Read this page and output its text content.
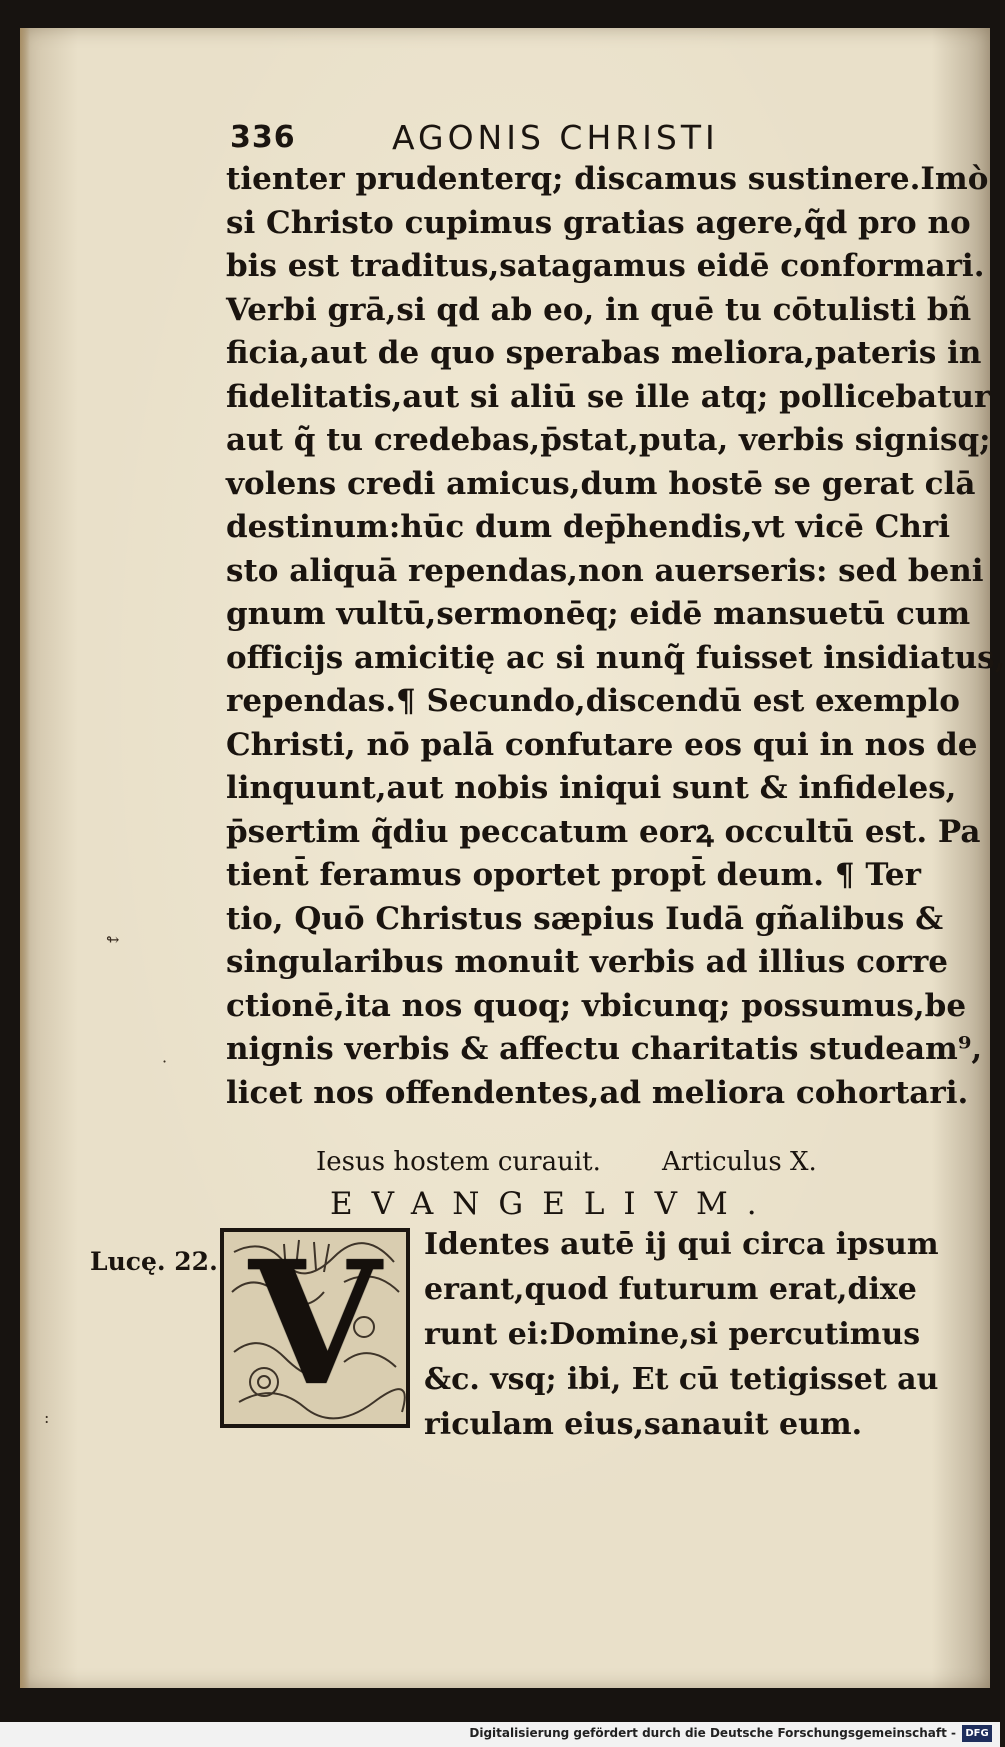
336	AGONIS CHRISTI
tienter prudenterq; discamus sustinere.Imò
si Christo cupimus gratias agere,q̃d pro no
bis est traditus,satagamus eidē conformari.
Verbi grā,si qd ab eo, in quē tu cōtulisti bñ
ficia,aut de quo sperabas meliora,pateris in
fidelitatis,aut si aliū se ille atq; pollicebatur
aut q̃ tu credebas,p̄stat,puta, verbis signisq;
volens credi amicus,dum hostē se gerat clā
destinum:hūc dum dep̄hendis,vt vicē Chri
sto aliquā rependas,non auerseris: sed beni
gnum vultū,sermonēq; eidē mansuetū cum
officijs amicitię ac si nunq̃ fuisset insidiatus,
rependas.¶ Secundo,discendū est exemplo
Christi, nō palā confutare eos qui in nos de
linquunt,aut nobis iniqui sunt & infideles,
p̄sertim q̃diu peccatum eorꝝ occultū est. Pa
tient̄ feramus oportet propt̄ deum. ¶ Ter
tio, Quō Christus sæpius Iudā gñalibus &
singularibus monuit verbis ad illius corre
ctionē,ita nos quoq; vbicunq; possumus,be
nignis verbis & affectu charitatis studeam⁹,
licet nos offendentes,ad meliora cohortari.
Iesus hostem curauit. Articulus X.
EVANGELIVM.
Lucę. 22. V	Identes autē ij qui circa ipsum
erant,quod futurum erat,dixe
runt ei:Domine,si percutimus
&c. vsq; ibi, Et cū tetigisset au
riculam eius,sanauit eum.
↬
·
:
Digitalisierung gefördert durch die Deutsche Forschungsgemeinschaft - DFG
